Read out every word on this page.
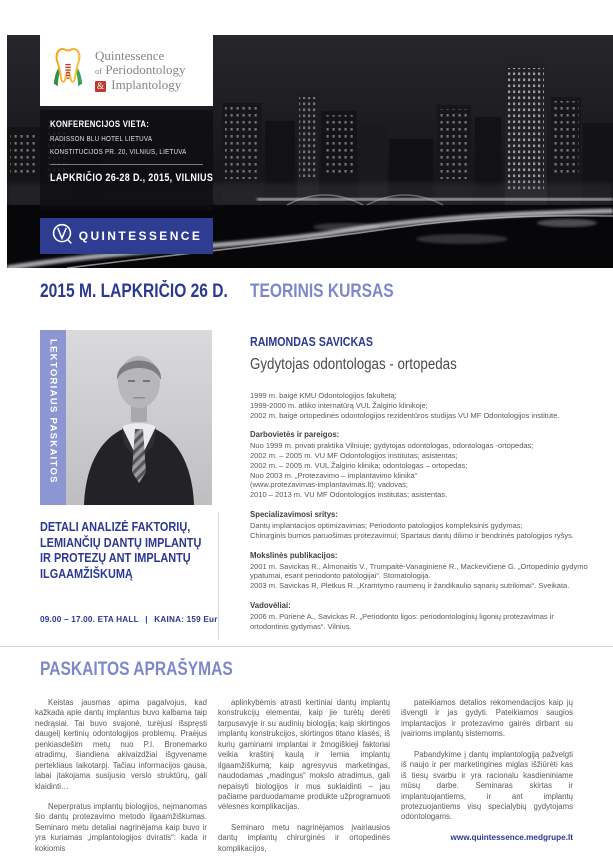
Quintessence
of Periodontology
& Implantology
KONFERENCIJOS VIETA:
RADISSON BLU HOTEL LIETUVA
KONSTITUCIJOS PR. 20, VILNIUS, LIETUVA
LAPKRIČIO 26-28 D., 2015, VILNIUS
QUINTESSENCE
2015 M. LAPKRIČIO 26 D.	TEORINIS KURSAS
LEKTORIAUS PASKAITOS
DETALI ANALIZĖ FAKTORIŲ,
LEMIANČIŲ DANTŲ IMPLANTŲ
IR PROTEZŲ ANT IMPLANTŲ
ILGAAMŽIŠKUMĄ
09.00 – 17.00. ETA HALL | KAINA: 159 Eur
RAIMONDAS SAVICKAS
Gydytojas odontologas - ortopedas
1999 m. baigė KMU Odontologijos fakultetą;
1999-2000 m. atliko internatūrą VUL Žalgirio klinikoje;
2002 m. baigė ortopedinės odontologijos rezidentūros studijas VU MF Odontologijos institute.
Darbovietės ir pareigos:
Nuo 1999 m. privati praktika Vilniuje; gydytojas odontologas, odontologas -ortopedas;
2002 m. – 2005 m. VU MF Odontologijos institutas; asistentas;
2002 m. – 2005 m. VUL Žalgirio klinika; odontologas – ortopedas;
Nuo 2003 m. „Protezavimo – implantavimo klinika“
(www.protezavimas-implantavimas.lt); vadovas;
2010 – 2013 m. VU MF Odontologijos institutas; asistentas.
Specializavimosi sritys:
Dantų implantacijos optimizavimas; Periodonto patologijos kompleksinis gydymas;
Chirurginis burnos paruošimas protezavimui; Spartaus dantų dilimo ir bendrinės patologijos ryšys.
Mokslinės publikacijos:
2001 m. Savickas R., Almonaitis V., Trumpaitė-Vanaginienė R., Mackevičienė G. „Ortopedinio gydymo ypatumai, esant periodonto patologijai“. Stomatologija.
2003 m. Savickas R, Pletkus R. „Kramtymo raumenų ir žandikaulio sąnarių sutrikimai“. Sveikata.
Vadovėliai:
2006 m. Pūrienė A., Savickas R. „Periodonto ligos: periodontologinių ligonių protezavimas ir ortodontinis gydymas“. Vilnius.
PASKAITOS APRAŠYMAS

Keistas jausmas apima pagalvojus, kad kažkada apie dantų implantus buvo kalbama taip nedrąsiai. Tai buvo svajonė, turėjusi išspręsti daugelį kertinių odontologijos problemų. Praėjus penkiasdešim metų nuo P.I. Bronemarko atradimų, šiandiena akivaizdžiai išgyvename pertekliaus laikotarpį. Tačiau informacijos gausa, labai įtakojama susijusio verslo struktūrų, gali klaidinti…

Neperpratus implantų biologijos, neįmanomas šio dantų protezavimo metodo ilgaamžiškumas. Seminaro metu detaliai nagrinėjama kaip buvo ir yra kuriamas „implantologijos dviratis“: kada ir kokiomis

aplinkybėmis atrasti kertiniai dantų implantų konstrukcijų elementai, kaip jie turėtų derėti tarpusavyje ir su audinių biologija; kaip skirtingos implantų konstrukcijos, skirtingos titano klasės, iš kurių gaminami implantai ir žmogiškieji faktoriai veikia kraštinį kaulą ir lemia implantų ilgaamžiškumą; kaip agresyvus marketingas, naudodamas „madingus“ mokslo atradimus, gali nepaisyti biologijos ir mus suklaidinti – jau pačiame parduodamame produkte užprogramuoti vėlesnes komplikacijas.

Seminaro metu nagrinėjamos įvairiausios dantų implantų chirurginės ir ortopedinės komplikacijos,

pateikiamos detalios rekomendacijos kaip jų išvengti ir jas gydyti. Pateikiamos saugios implantacijos ir protezavimo gairės dirbant su įvairioms implantų sistemoms.

Pabandykime į dantų implantologiją pažvelgti iš naujo ir per marketingines miglas išžiūrėti kas iš tiesų svarbu ir yra racionalu kasdieniniame mūsų darbe. Seminaras skirtas ir implantuojantiems, ir ant implantų protezuojantiems visų specialybių gydytojams odontologams.

www.quintessence.medgrupe.lt
